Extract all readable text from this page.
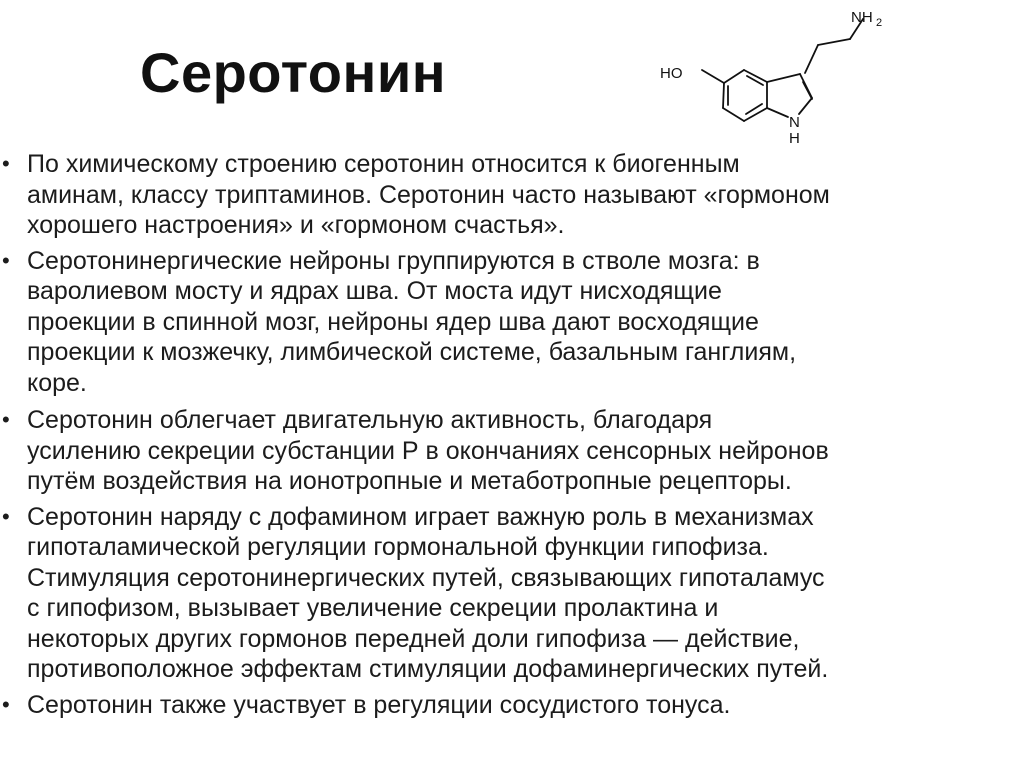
Серотонин
NH 2
HO
N
H
• По химическому строению серотонин относится к биогенным
аминам, классу триптаминов. Серотонин часто называют «гормоном
хорошего настроения» и «гормоном счастья».
• Серотонинергические нейроны группируются в стволе мозга: в
варолиевом мосту и ядрах шва. От моста идут нисходящие
проекции в спинной мозг, нейроны ядер шва дают восходящие
проекции к мозжечку, лимбической системе, базальным ганглиям,
коре.
• Серотонин облегчает двигательную активность, благодаря
усилению секреции субстанции Р в окончаниях сенсорных нейронов
путём воздействия на ионотропные и метаботропные рецепторы.
• Серотонин наряду с дофамином играет важную роль в механизмах
гипоталамической регуляции гормональной функции гипофиза.
Стимуляция серотонинергических путей, связывающих гипоталамус
с гипофизом, вызывает увеличение секреции пролактина и
некоторых других гормонов передней доли гипофиза — действие,
противоположное эффектам стимуляции дофаминергических путей.
• Серотонин также участвует в регуляции сосудистого тонуса.
